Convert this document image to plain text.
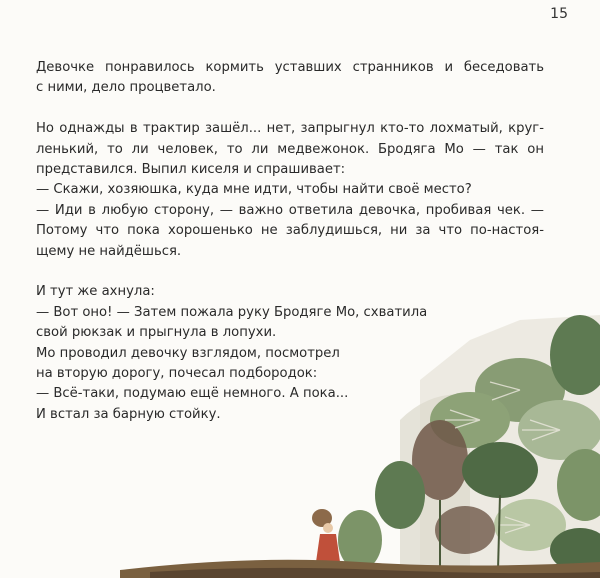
15

Девочке понравилось кормить уставших странников и беседовать
с ними, дело процветало.

Но однажды в трактир зашёл... нет, запрыгнул кто-то лохматый, круг-
ленький, то ли человек, то ли медвежонок. Бродяга Мо — так он
представился. Выпил киселя и спрашивает:
— Скажи, хозяюшка, куда мне идти, чтобы найти своё место?
— Иди в любую сторону, — важно ответила девочка, пробивая чек. —
Потому что пока хорошенько не заблудишься, ни за что по-настоя-
щему не найдёшься.

И тут же ахнула:
— Вот оно! — Затем пожала руку Бродяге Мо, схватила
свой рюкзак и прыгнула в лопухи.
Мо проводил девочку взглядом, посмотрел
на вторую дорогу, почесал подбородок:
— Всё-таки, подумаю ещё немного. А пока...
И встал за барную стойку.
